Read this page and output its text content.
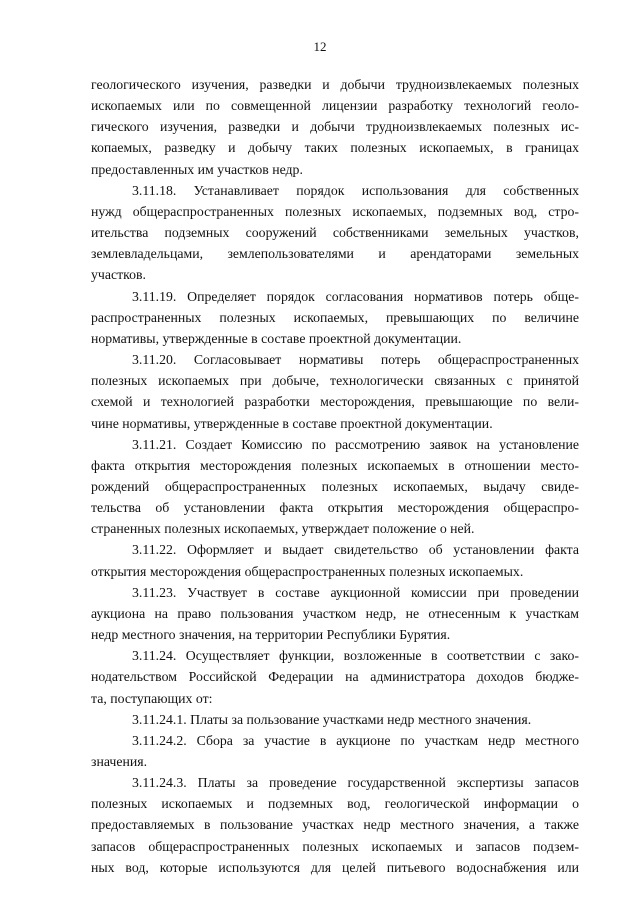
12

геологического изучения, разведки и добычи трудноизвлекаемых полезных
ископаемых или по совмещенной лицензии разработку технологий геоло-
гического изучения, разведки и добычи трудноизвлекаемых полезных ис-
копаемых, разведку и добычу таких полезных ископаемых, в границах
предоставленных им участков недр.

3.11.18. Устанавливает порядок использования для собственных
нужд общераспространенных полезных ископаемых, подземных вод, стро-
ительства подземных сооружений собственниками земельных участков,
землевладельцами, землепользователями и арендаторами земельных
участков.

3.11.19. Определяет порядок согласования нормативов потерь обще-
распространенных полезных ископаемых, превышающих по величине
нормативы, утвержденные в составе проектной документации.

3.11.20. Согласовывает нормативы потерь общераспространенных
полезных ископаемых при добыче, технологически связанных с принятой
схемой и технологией разработки месторождения, превышающие по вели-
чине нормативы, утвержденные в составе проектной документации.

3.11.21. Создает Комиссию по рассмотрению заявок на установление
факта открытия месторождения полезных ископаемых в отношении место-
рождений общераспространенных полезных ископаемых, выдачу свиде-
тельства об установлении факта открытия месторождения общераспро-
страненных полезных ископаемых, утверждает положение о ней.

3.11.22. Оформляет и выдает свидетельство об установлении факта
открытия месторождения общераспространенных полезных ископаемых.

3.11.23. Участвует в составе аукционной комиссии при проведении
аукциона на право пользования участком недр, не отнесенным к участкам
недр местного значения, на территории Республики Бурятия.

3.11.24. Осуществляет функции, возложенные в соответствии с зако-
нодательством Российской Федерации на администратора доходов бюдже-
та, поступающих от:

3.11.24.1. Платы за пользование участками недр местного значения.

3.11.24.2. Сбора за участие в аукционе по участкам недр местного
значения.

3.11.24.3. Платы за проведение государственной экспертизы запасов
полезных ископаемых и подземных вод, геологической информации о
предоставляемых в пользование участках недр местного значения, а также
запасов общераспространенных полезных ископаемых и запасов подзем-
ных вод, которые используются для целей питьевого водоснабжения или
